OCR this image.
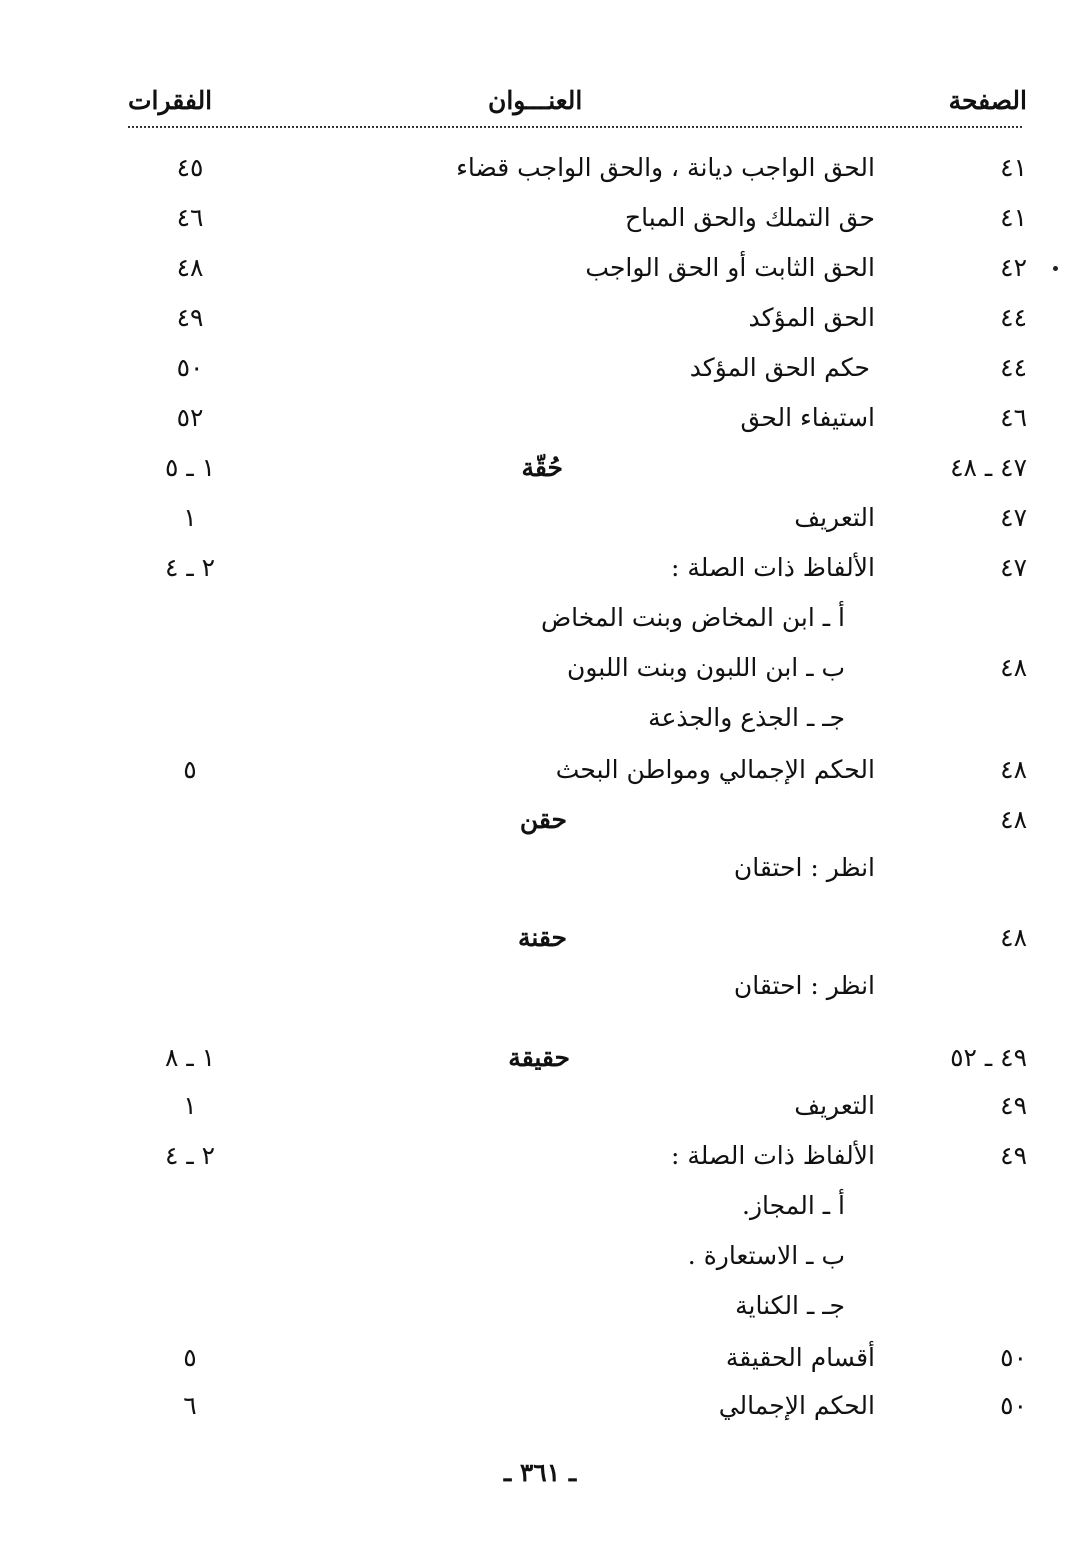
الصفحة
العنـــوان
الفقرات
٤١
الحق الواجب ديانة ، والحق الواجب قضاء
٤٥
٤١
حق التملك والحق المباح
٤٦
٤٢
الحق الثابت أو الحق الواجب
٤٨
٤٤
الحق المؤكد
٤٩
٤٤
حكم الحق المؤكد
٥٠
٤٦
استيفاء الحق
٥٢
٤٧ ـ ٤٨
حُقّة
١ ـ ٥
٤٧
التعريف
١
٤٧
الألفاظ ذات الصلة :
٢ ـ ٤
أ ـ ابن المخاض وبنت المخاض
٤٨
ب ـ ابن اللبون وبنت اللبون
جـ ـ الجذع والجذعة
٤٨
الحكم الإجمالي ومواطن البحث
٥
٤٨
حقن
انظر : احتقان
٤٨
حقنة
انظر : احتقان
٤٩ ـ ٥٢
حقيقة
١ ـ ٨
٤٩
التعريف
١
٤٩
الألفاظ ذات الصلة :
٢ ـ ٤
أ ـ المجاز.
ب ـ الاستعارة .
جـ ـ الكناية
٥٠
أقسام الحقيقة
٥
٥٠
الحكم الإجمالي
٦
ـ ٣٦١ ـ
